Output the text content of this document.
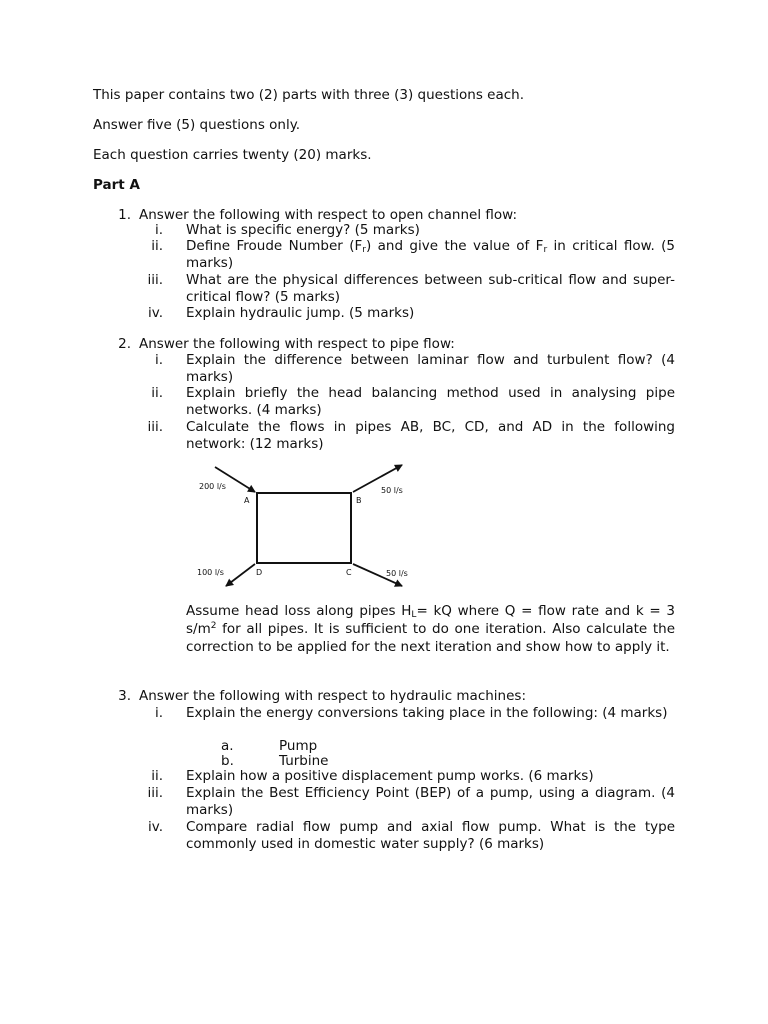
This paper contains two (2) parts with three (3) questions each.
Answer five (5) questions only.
Each question carries twenty (20) marks.
Part A
1. Answer the following with respect to open channel flow:
i. What is specific energy? (5 marks)
ii. Define Froude Number $(F_r)$ and give the value of $F_r$ in critical flow. (5 marks)
iii. What are the physical differences between sub-critical flow and super-critical flow? (5 marks)
iv. Explain hydraulic jump. (5 marks)
2. Answer the following with respect to pipe flow:
i. Explain the difference between laminar flow and turbulent flow? (4 marks)
ii. Explain briefly the head balancing method used in analysing pipe networks. (4 marks)
iii. Calculate the flows in pipes AB, BC, CD, and AD in the following network: (12 marks)
200 l/s	50 l/s
50 l/s
100 l/s
A	B
C
D
Assume head loss along pipes $H_L=$ kQ where Q = flow rate and k = 3 $s/m^2$ for all pipes. It is sufficient to do one iteration. Also calculate the correction to be applied for the next iteration and show how to apply it.
3. Answer the following with respect to hydraulic machines:
i. Explain the energy conversions taking place in the following: (4 marks)
a.	Pump
b.	Turbine
ii. Explain how a positive displacement pump works. (6 marks)
iii. Explain the Best Efficiency Point (BEP) of a pump, using a diagram. (4 marks)
iv. Compare radial flow pump and axial flow pump. What is the type commonly used in domestic water supply? (6 marks)
